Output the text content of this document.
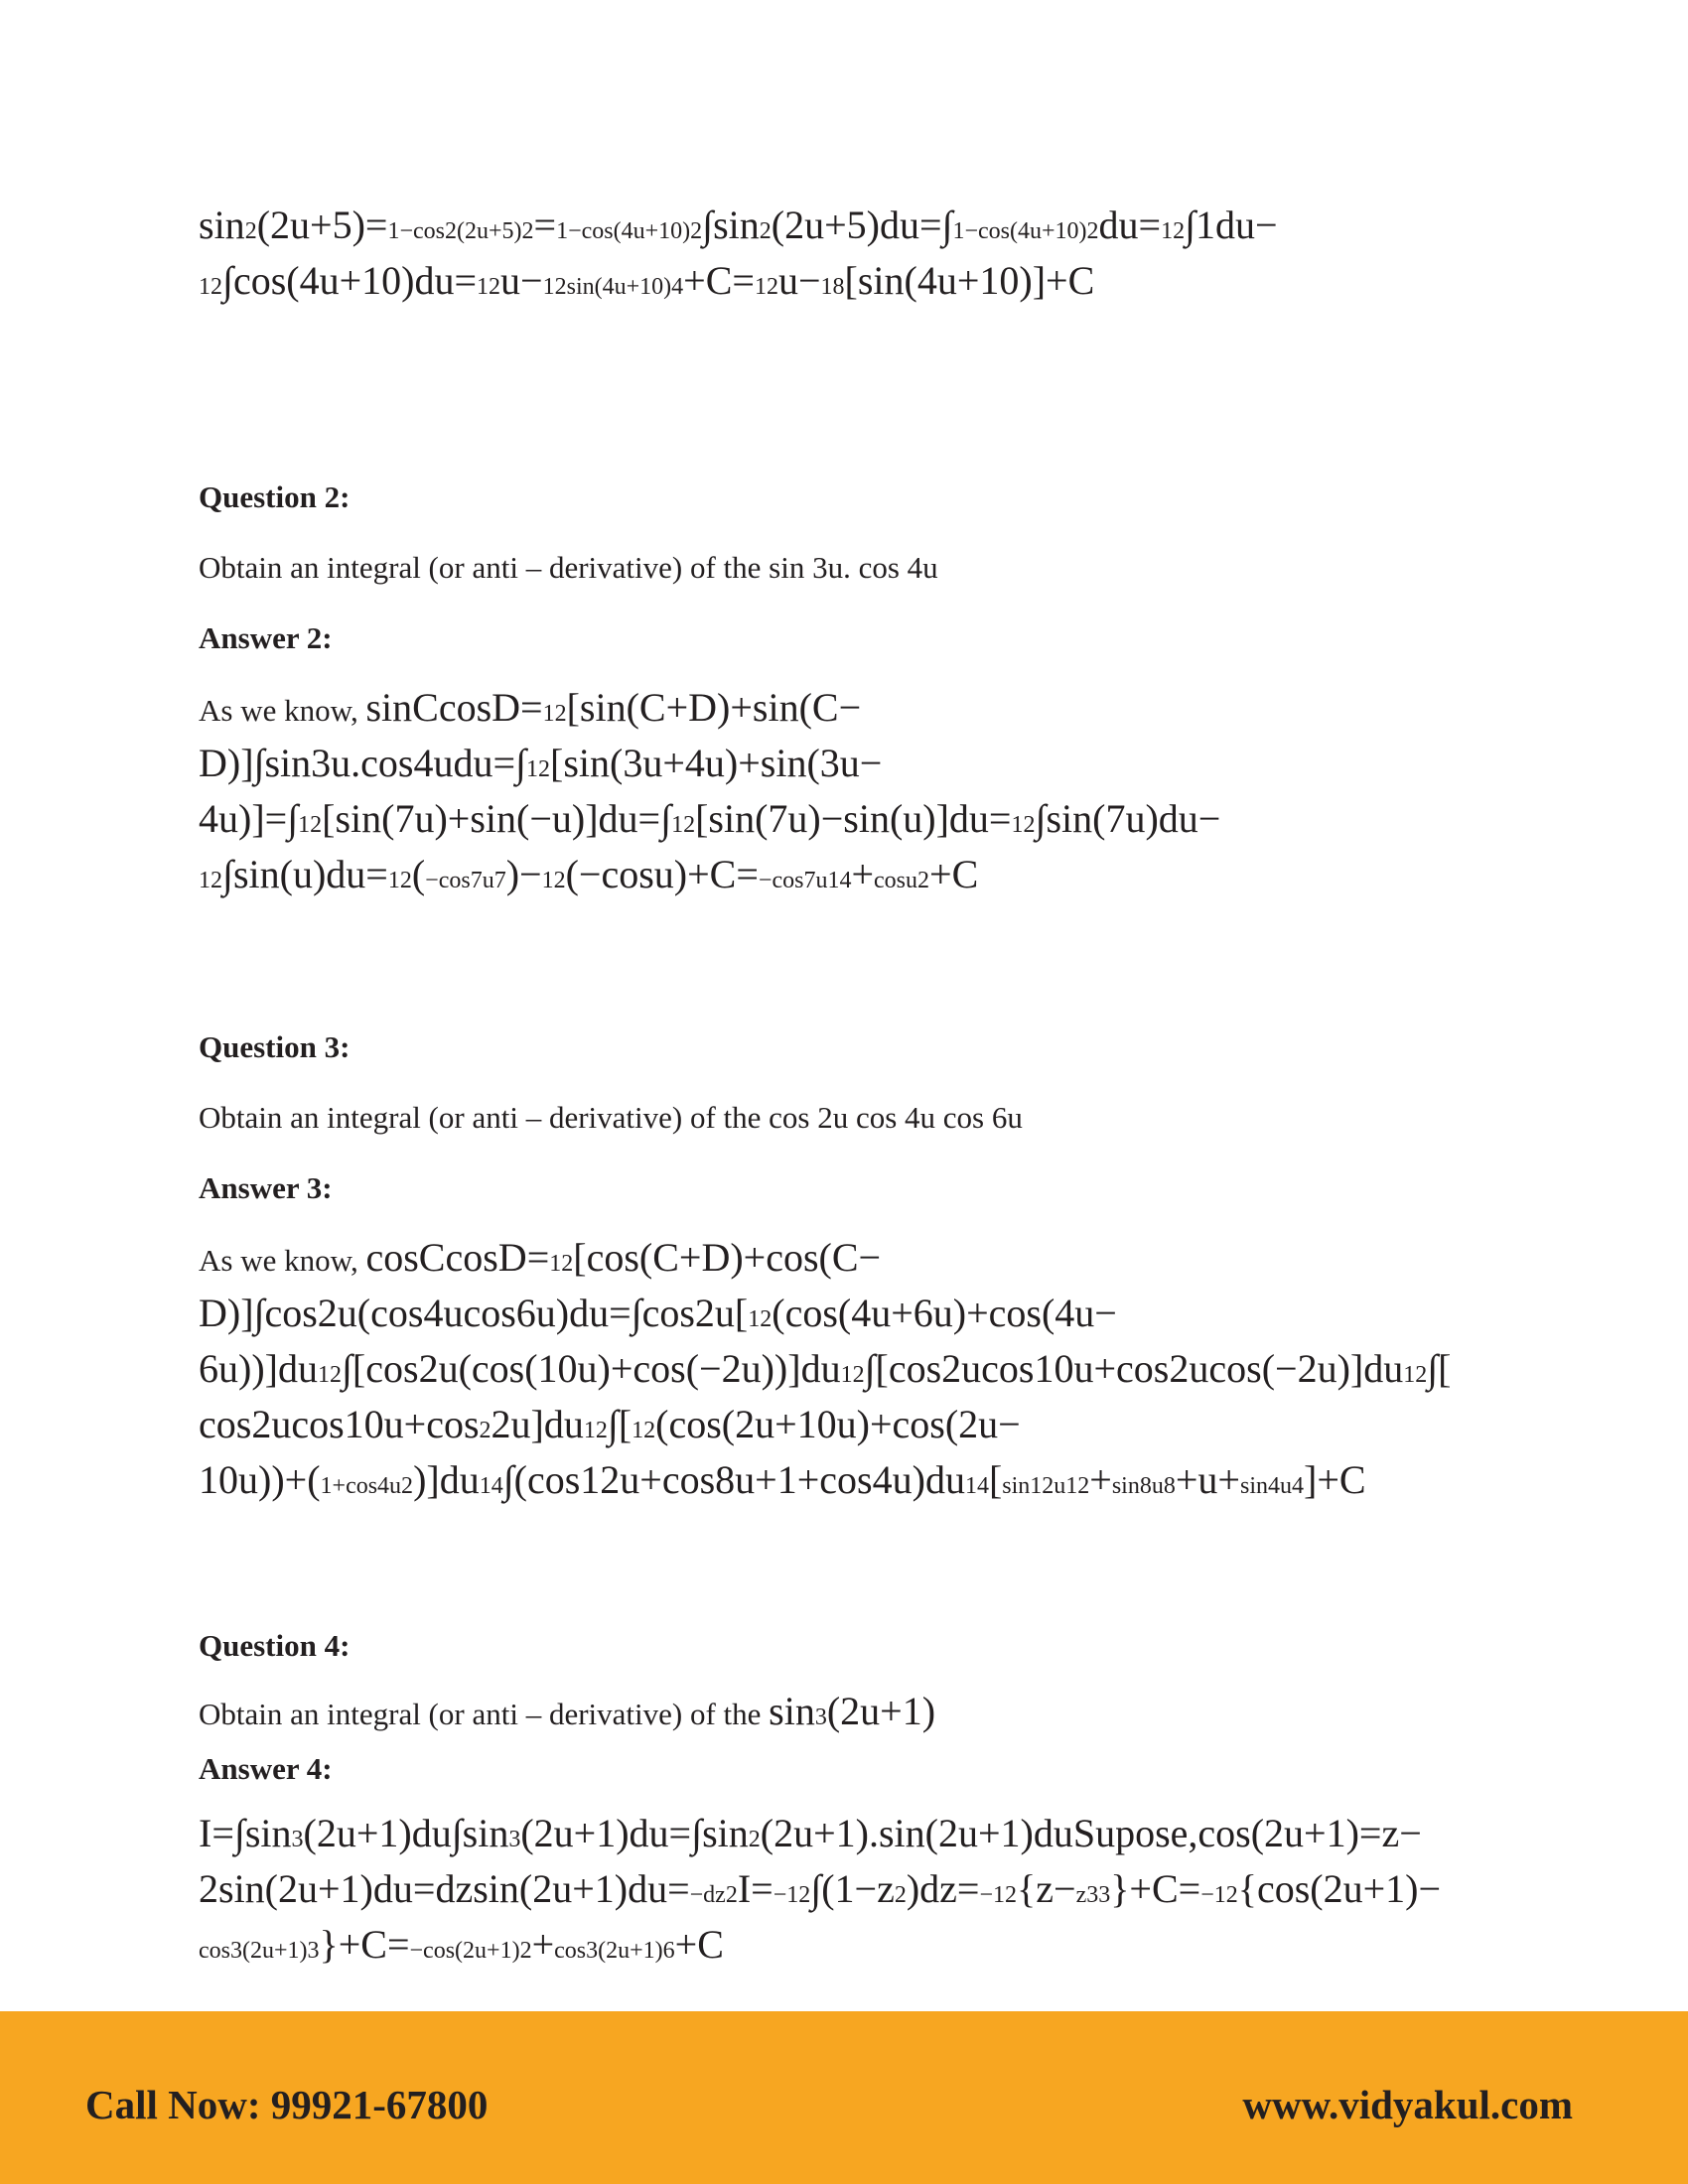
sin2(2u+5)=1−cos2(2u+5)2=1−cos(4u+10)2∫sin2(2u+5)du=∫1−cos(4u+10)2du=12∫1du−
12∫cos(4u+10)du=12u−12sin(4u+10)4+C=12u−18[sin(4u+10)]+C
Question 2:
Obtain an integral (or anti – derivative) of the sin 3u. cos 4u
Answer 2:
As we know, sinCcosD=12[sin(C+D)+sin(C−
D)]∫sin3u.cos4udu=∫12[sin(3u+4u)+sin(3u−
4u)]=∫12[sin(7u)+sin(−u)]du=∫12[sin(7u)−sin(u)]du=12∫sin(7u)du−
12∫sin(u)du=12(−cos7u7)−12(−cosu)+C=−cos7u14+cosu2+C
Question 3:
Obtain an integral (or anti – derivative) of the cos 2u cos 4u cos 6u
Answer 3:
As we know, cosCcosD=12[cos(C+D)+cos(C−
D)]∫cos2u(cos4ucos6u)du=∫cos2u[12(cos(4u+6u)+cos(4u−
6u))]du12∫[cos2u(cos(10u)+cos(−2u))]du12∫[cos2ucos10u+cos2ucos(−2u)]du12∫[
cos2ucos10u+cos22u]du12∫[12(cos(2u+10u)+cos(2u−
10u))+(1+cos4u2)]du14∫(cos12u+cos8u+1+cos4u)du14[sin12u12+sin8u8+u+sin4u4]+C
Question 4:
Obtain an integral (or anti – derivative) of the sin3(2u+1)
Answer 4:
I=∫sin3(2u+1)du∫sin3(2u+1)du=∫sin2(2u+1).sin(2u+1)duSupose,cos(2u+1)=z−
2sin(2u+1)du=dzsin(2u+1)du=−dz2I=−12∫(1−z2)dz=−12{z−z33}+C=−12{cos(2u+1)−
cos3(2u+1)3}+C=−cos(2u+1)2+cos3(2u+1)6+C
Call Now: 99921-67800	www.vidyakul.com
